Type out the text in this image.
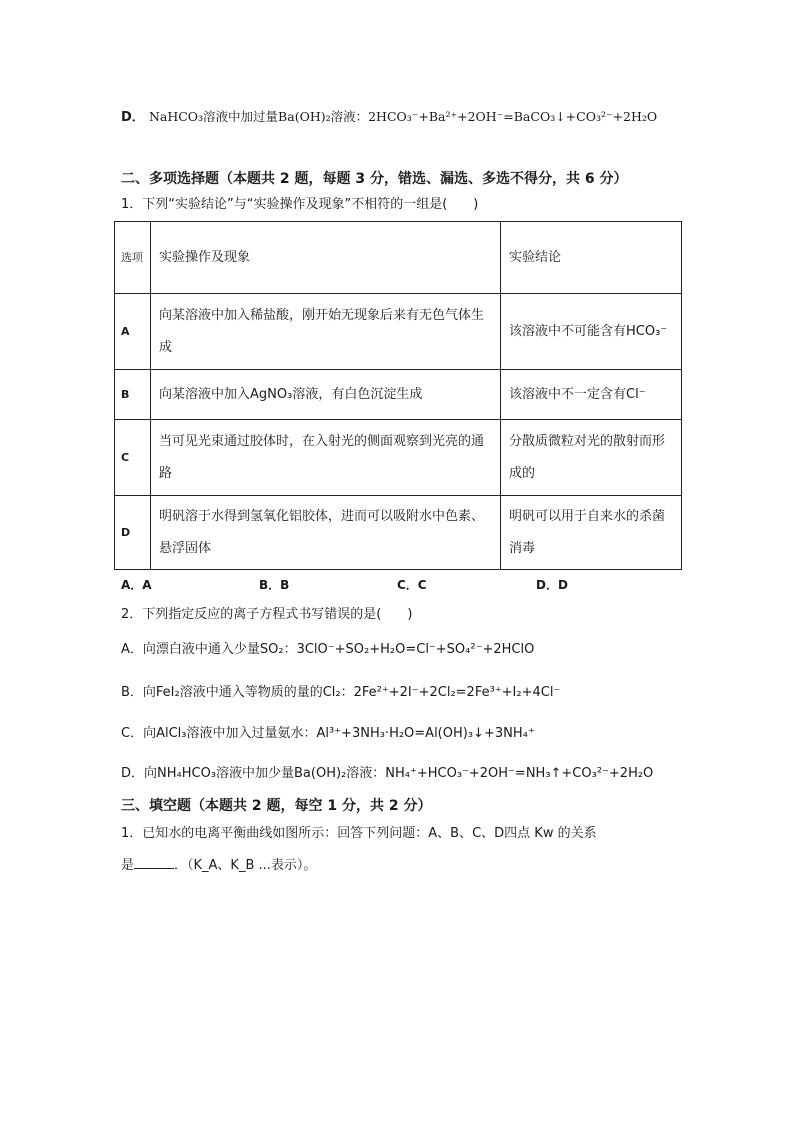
D． NaHCO₃溶液中加过量Ba(OH)₂溶液：2HCO₃⁻+Ba²⁺+2OH⁻=BaCO₃↓+CO₃²⁻+2H₂O
二、多项选择题（本题共 2 题，每题 3 分，错选、漏选、多选不得分，共 6 分）
1．下列“实验结论”与“实验操作及现象”不相符的一组是(　　)
选项	实验操作及现象	实验结论
A	向某溶液中加入稀盐酸，刚开始无现象后来有无色气体生成	该溶液中不可能含有HCO₃⁻
B	向某溶液中加入AgNO₃溶液，有白色沉淀生成	该溶液中不一定含有Cl⁻
C	当可见光束通过胶体时，在入射光的侧面观察到光亮的通路	分散质微粒对光的散射而形成的
D	明矾溶于水得到氢氧化铝胶体，进而可以吸附水中色素、悬浮固体	明矾可以用于自来水的杀菌消毒
A．A	B．B	C．C	D．D
2．下列指定反应的离子方程式书写错误的是(　　)
A．向漂白液中通入少量SO₂：3ClO⁻+SO₂+H₂O=Cl⁻+SO₄²⁻+2HClO
B．向FeI₂溶液中通入等物质的量的Cl₂：2Fe²⁺+2I⁻+2Cl₂=2Fe³⁺+I₂+4Cl⁻
C．向AlCl₃溶液中加入过量氨水：Al³⁺+3NH₃·H₂O=Al(OH)₃↓+3NH₄⁺
D．向NH₄HCO₃溶液中加少量Ba(OH)₂溶液：NH₄⁺+HCO₃⁻+2OH⁻=NH₃↑+CO₃²⁻+2H₂O
三、填空题（本题共 2 题，每空 1 分，共 2 分）
1．已知水的电离平衡曲线如图所示：回答下列问题：A、B、C、D四点 Kw 的关系
是	．（K_A、K_B ...表示）。
